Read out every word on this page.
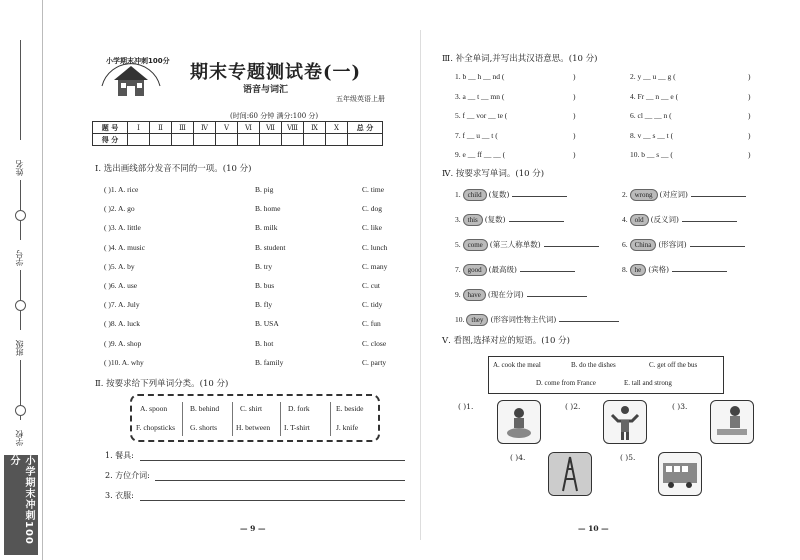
姓名
学号
班级
学校
小学期末冲刺100分
小学期末冲刺100分
期末专题测试卷(一)
语音与词汇
五年级英语上册
(时间:60 分钟 满分:100 分)
题 号	Ⅰ	Ⅱ	Ⅲ	Ⅳ	Ⅴ	Ⅵ	Ⅶ	Ⅷ	Ⅸ	Ⅹ	总 分
得 分											
Ⅰ. 选出画线部分发音不同的一项。(10 分)
( )1. A. rice	B. pig	C. time
( )2. A. go	B. home	C. dog
( )3. A. little	B. milk	C. like
( )4. A. music	B. student	C. lunch
( )5. A. by	B. try	C. many
( )6. A. use	B. bus	C. cut
( )7. A. July	B. fly	C. tidy
( )8. A. luck	B. USA	C. fun
( )9. A. shop	B. hot	C. close
( )10. A. why	B. family	C. party
Ⅱ. 按要求给下列单词分类。(10 分)
A. spoon	B. behind	C. shirt	D. fork	E. beside
F. chopsticks G. shorts	H. between I. T-shirt	J. knife
1. 餐具:
2. 方位介词:
3. 衣服:
— 9 —
Ⅲ. 补全单词,并写出其汉语意思。(10 分)
1. b __ h __ nd (	)	2. y __ u __ g (	)
3. a __ t __ mn (	)	4. Fr __ n __ e (	)
5. f __ vor __ te (	)	6. cl __ __ n (	)
7. f __ u __ t (	)	8. v __ s __ t (	)
9. e __ ff __ __ (	)	10. b __ s __ (	)
Ⅳ. 按要求写单词。(10 分)
1. child (复数)	2. wrong (对应词)
3. this (复数)	4. old (反义词)
5. come (第三人称单数)	6. China (形容词)
7. good (最高级)	8. he (宾格)
9. have (现在分词)
10. they (形容词性物主代词)
Ⅴ. 看图,选择对应的短语。(10 分)
A. cook the meal	B. do the dishes	C. get off the bus
D. come from France	E. tall and strong
( )1.	( )2.	( )3.
( )4.	( )5.
— 10 —
